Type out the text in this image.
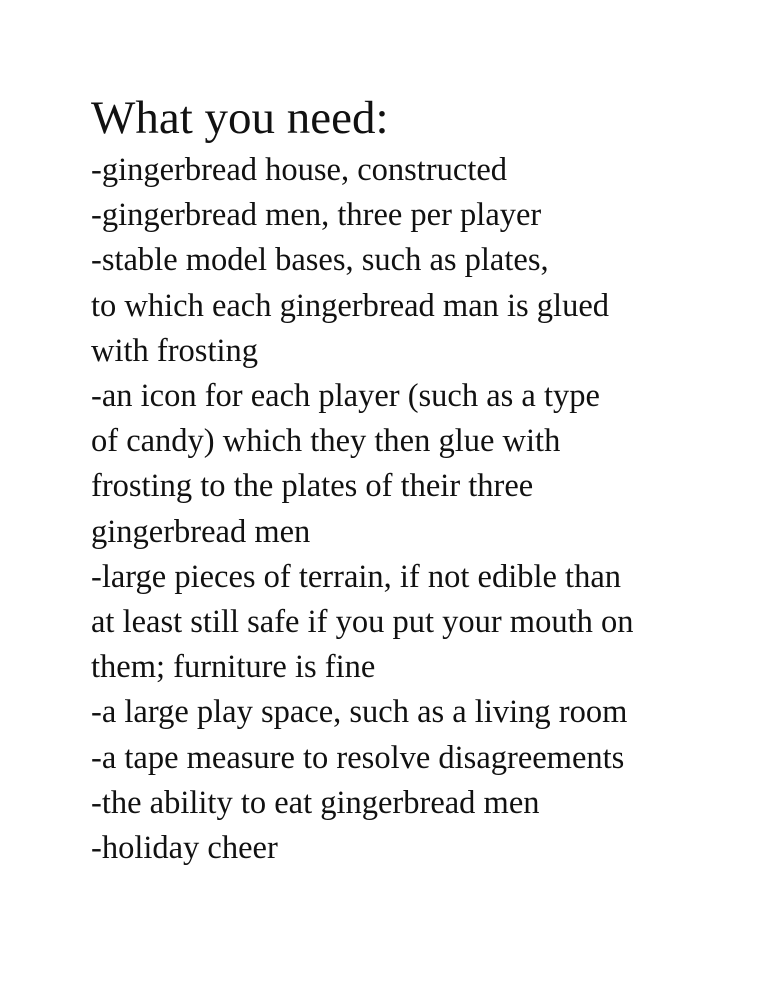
What you need:
-gingerbread house, constructed
-gingerbread men, three per player
-stable model bases, such as plates,
to which each gingerbread man is glued
with frosting
-an icon for each player (such as a type
of candy) which they then glue with
frosting to the plates of their three
gingerbread men
-large pieces of terrain, if not edible than
at least still safe if you put your mouth on
them; furniture is fine
-a large play space, such as a living room
-a tape measure to resolve disagreements
-the ability to eat gingerbread men
-holiday cheer
